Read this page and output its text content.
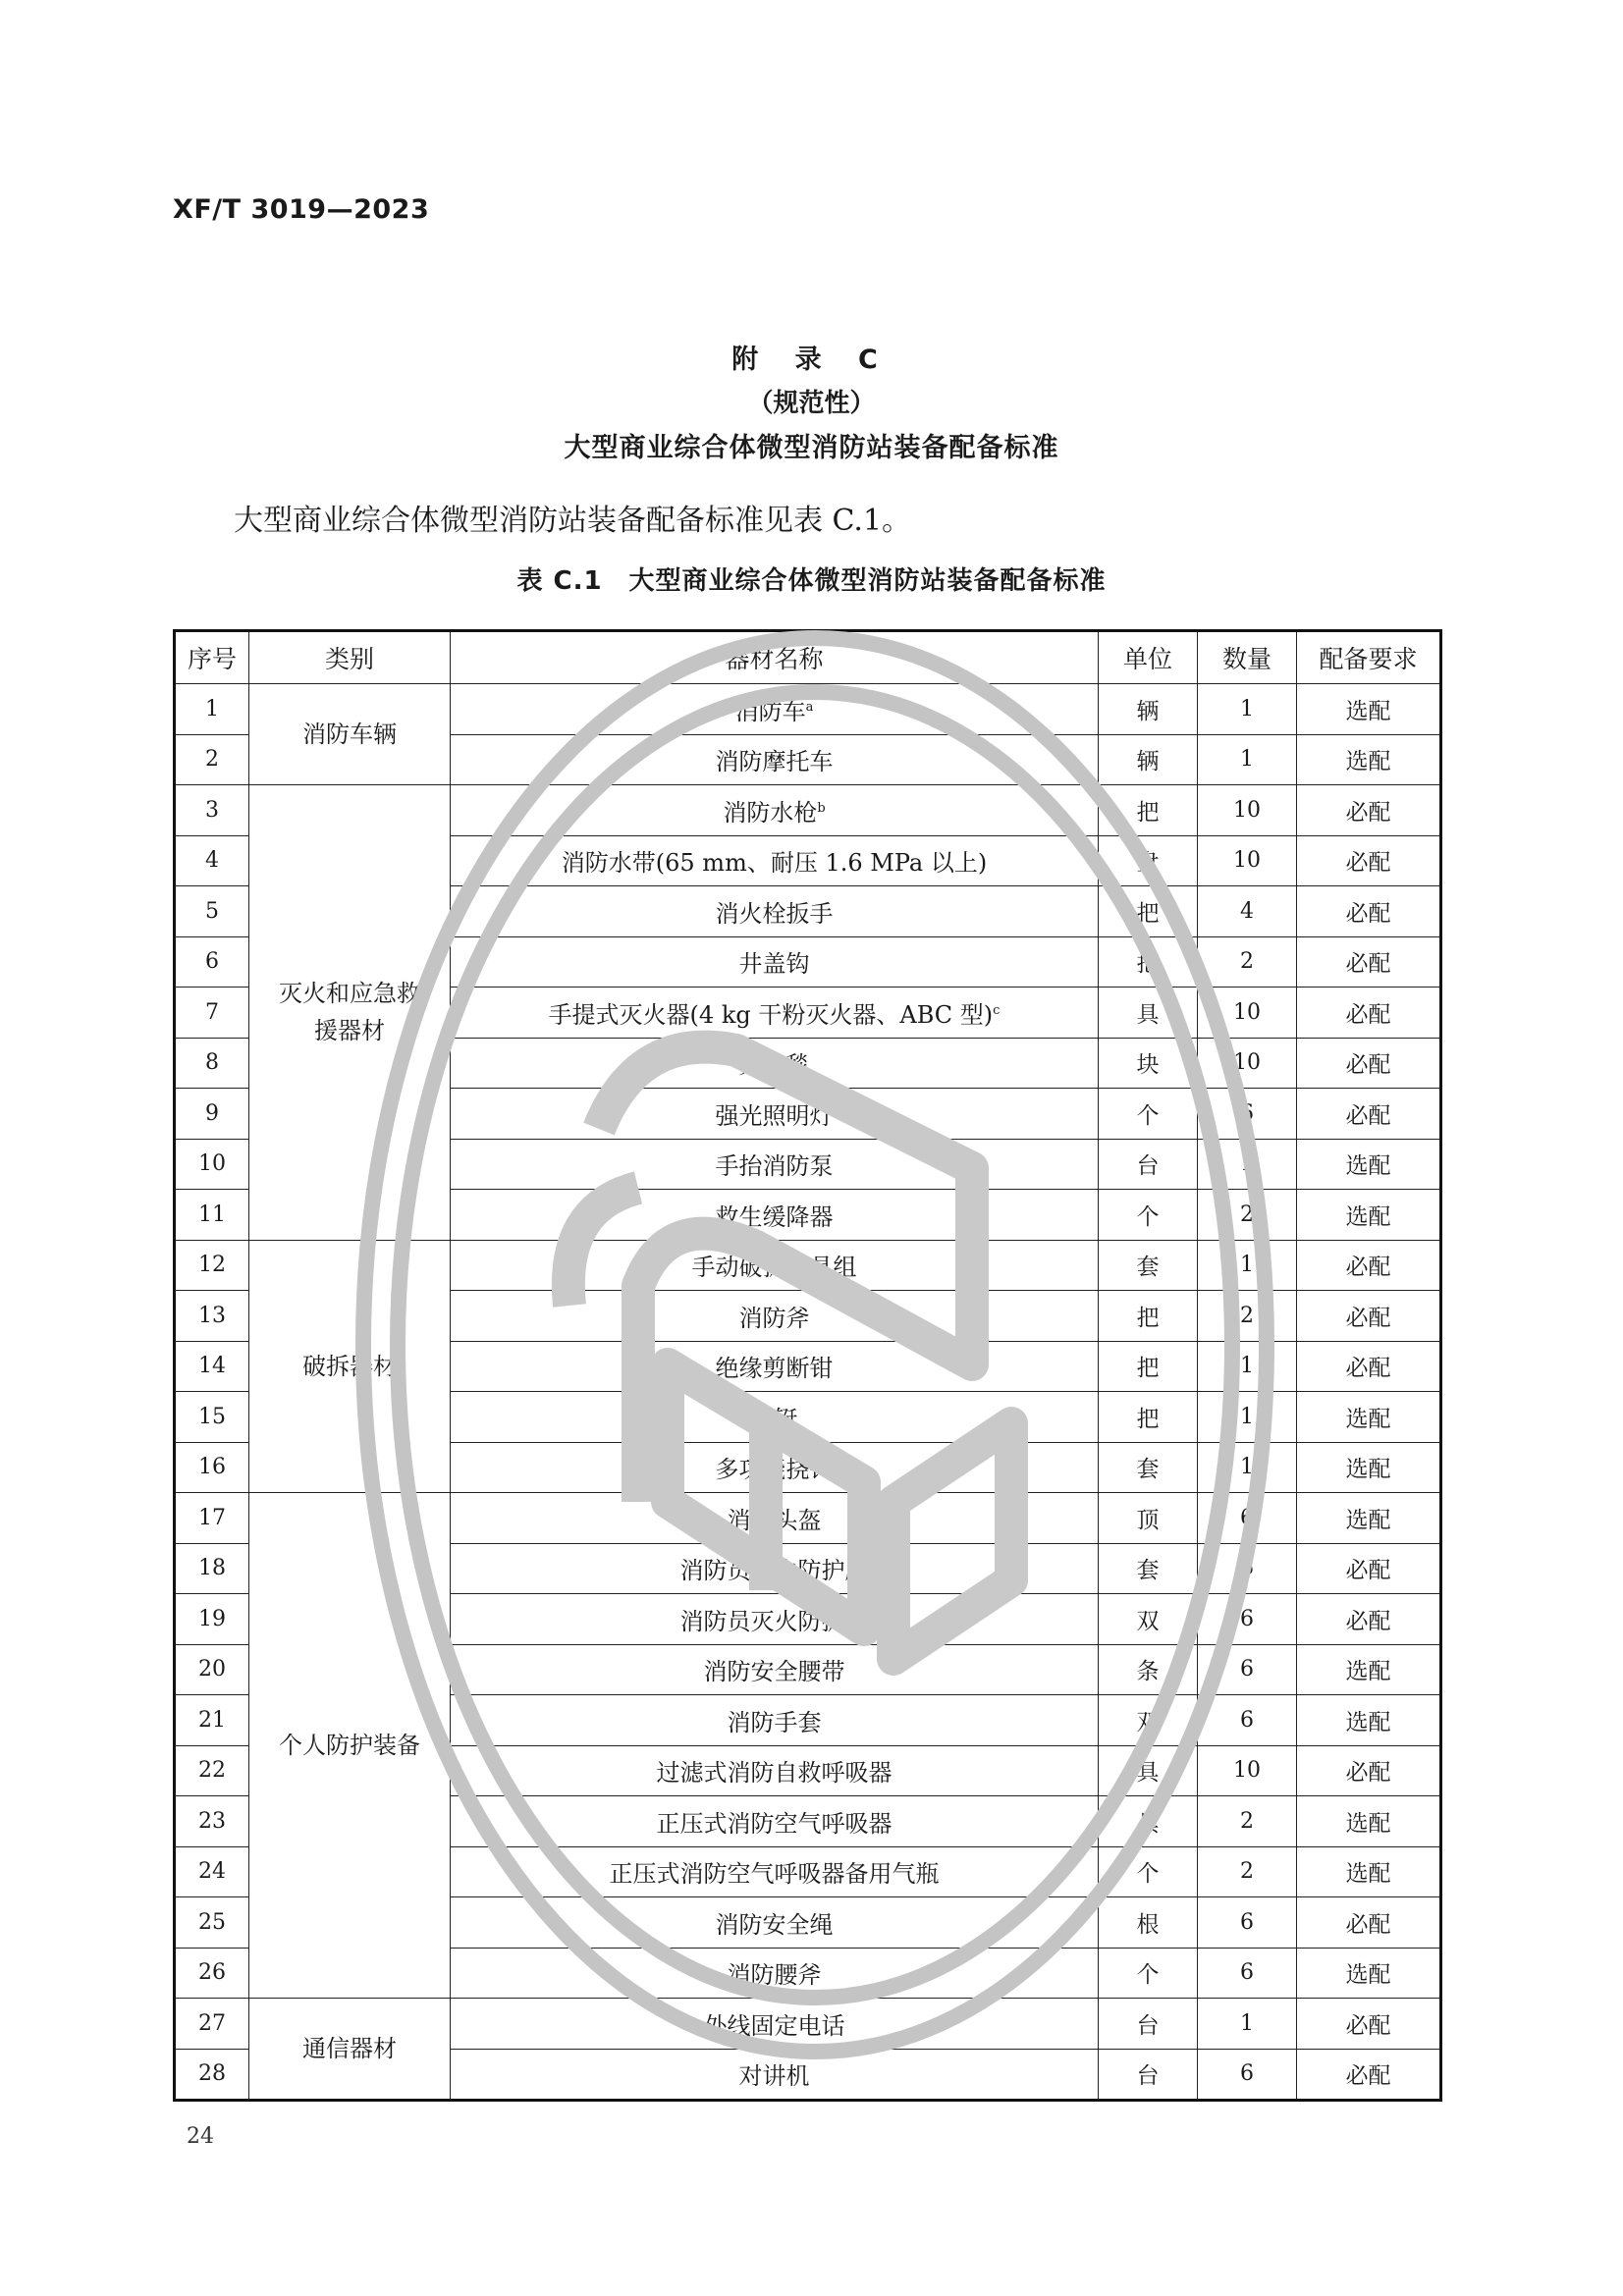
XF/T 3019—2023
附 录 C
（规范性）
大型商业综合体微型消防站装备配备标准
大型商业综合体微型消防站装备配备标准见表 C.1。
表 C.1　大型商业综合体微型消防站装备配备标准
序号	类别	器材名称	单位	数量	配备要求
1	消防车辆	消防车$^a$	辆	1	选配
2		消防摩托车	辆	1	选配
3	灭火和应急救援器材	消防水枪$^b$	把	10	必配
4		消防水带(65 mm、耐压 1.6 MPa 以上)	盘	10	必配
5		消火栓扳手	把	4	必配
6		井盖钩	把	2	必配
7		手提式灭火器(4 kg 干粉灭火器、ABC 型)$^c$	具	10	必配
8		灭火毯	块	10	必配
9		强光照明灯	个	6	必配
10		手抬消防泵	台	1	选配
11		救生缓降器	个	2	选配
12	破拆器材	手动破拆工具组	套	1	必配
13		消防斧	把	2	必配
14		绝缘剪断钳	把	1	必配
15		铁铤	把	1	选配
16		多功能挠钩	套	1	选配
17	个人防护装备	消防头盔	顶	6	选配
18		消防员灭火防护服	套	6	必配
19		消防员灭火防护靴	双	6	必配
20		消防安全腰带	条	6	选配
21		消防手套	双	6	选配
22		过滤式消防自救呼吸器	具	10	必配
23		正压式消防空气呼吸器	具	2	选配
24		正压式消防空气呼吸器备用气瓶	个	2	选配
25		消防安全绳	根	6	必配
26		消防腰斧	个	6	选配
27	通信器材	外线固定电话	台	1	必配
28		对讲机	台	6	必配
24
